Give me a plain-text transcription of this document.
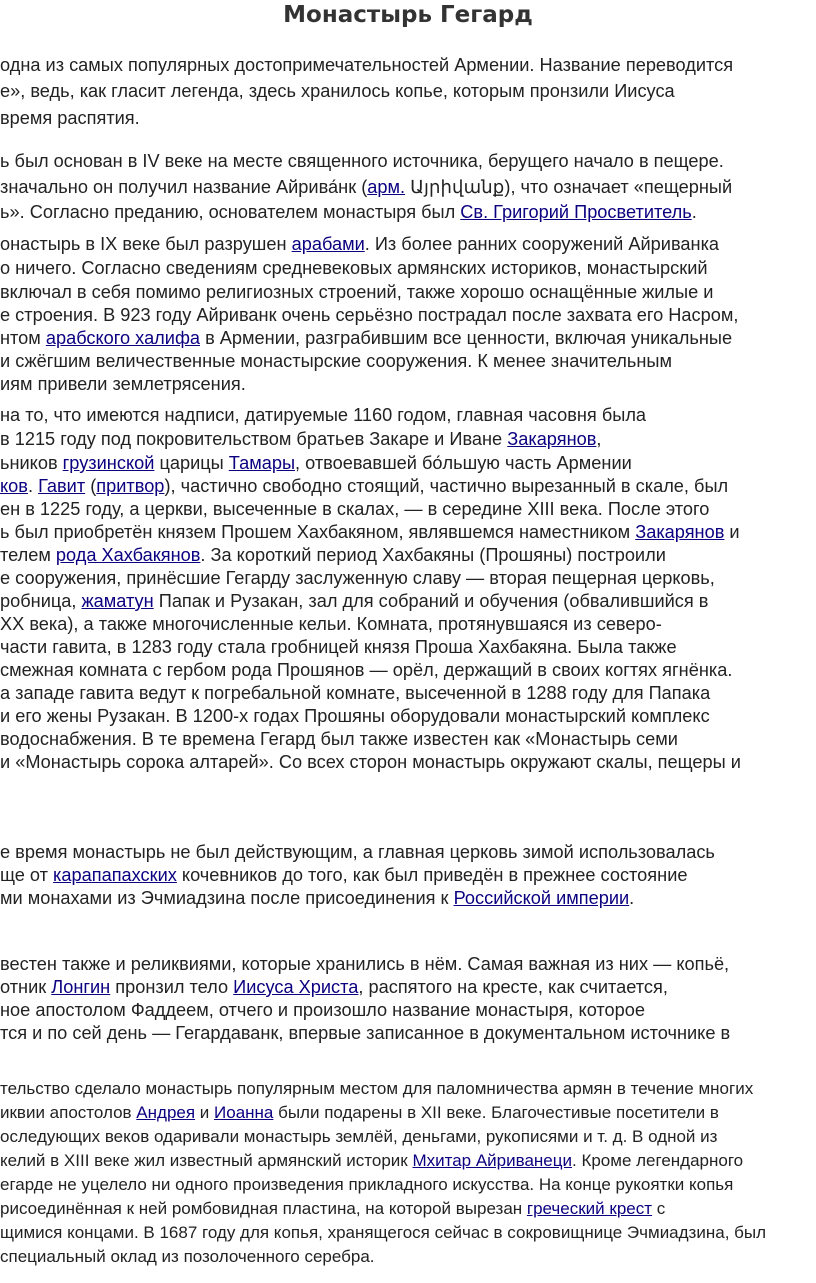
Монастырь Гегард

одна из самых популярных достопримечательностей Армении. Название переводится

е», ведь, как гласит легенда, здесь хранилось копье, которым пронзили Иисуса

время распятия.

ь был основан в IV веке на месте священного источника, берущего начало в пещере.

значально он получил название Айрива́нк (арм. Այրիվանք), что означает «пещерный

ь». Согласно преданию, основателем монастыря был Св. Григорий Просветитель.

онастырь в IX веке был разрушен арабами. Из более ранних сооружений Айриванка

о ничего. Согласно сведениям средневековых армянских историков, монастырский

включал в себя помимо религиозных строений, также хорошо оснащённые жилые и

е строения. В 923 году Айриванк очень серьёзно пострадал после захвата его Насром,

нтом арабского халифа в Армении, разграбившим все ценности, включая уникальные

и сжёгшим величественные монастырские сооружения. К менее значительным

иям привели землетрясения.

на то, что имеются надписи, датируемые 1160 годом, главная часовня была

в 1215 году под покровительством братьев Закаре и Иване Закарянов,

ьников грузинской царицы Тамары, отвоевавшей бо́льшую часть Армении

ков. Гавит (притвор), частично свободно стоящий, частично вырезанный в скале, был

ен в 1225 году, а церкви, высеченные в скалах, — в середине XIII века. После этого

ь был приобретён князем Прошем Хахбакяном, являвшемся наместником Закарянов и

телем рода Хахбакянов. За короткий период Хахбакяны (Прошяны) построили

е сооружения, принёсшие Гегарду заслуженную славу — вторая пещерная церковь,

робница, жаматун Папак и Рузакан, зал для собраний и обучения (обвалившийся в

XX века), а также многочисленные кельи. Комната, протянувшаяся из северо-

части гавита, в 1283 году стала гробницей князя Проша Хахбакяна. Была также

смежная комната с гербом рода Прошянов — орёл, держащий в своих когтях ягнёнка.

а западе гавита ведут к погребальной комнате, высеченной в 1288 году для Папака

и его жены Рузакан. В 1200-х годах Прошяны оборудовали монастырский комплекс

водоснабжения. В те времена Гегард был также известен как «Монастырь семи

и «Монастырь сорока алтарей». Со всех сторон монастырь окружают скалы, пещеры и

е время монастырь не был действующим, а главная церковь зимой использовалась

ще от карапапахских кочевников до того, как был приведён в прежнее состояние

ми монахами из Эчмиадзина после присоединения к Российской империи.

вестен также и реликвиями, которые хранились в нём. Самая важная из них — копьё,

отник Лонгин пронзил тело Иисуса Христа, распятого на кресте, как считается,

ное апостолом Фаддеем, отчего и произошло название монастыря, которое

тся и по сей день — Гегардаванк, впервые записанное в документальном источнике в

тельство сделало монастырь популярным местом для паломничества армян в течение многих

иквии апостолов Андрея и Иоанна были подарены в XII веке. Благочестивые посетители в

оследующих веков одаривали монастырь землёй, деньгами, рукописями и т. д. В одной из

келий в XIII веке жил известный армянский историк Мхитар Айриванеци. Кроме легендарного

егарде не уцелело ни одного произведения прикладного искусства. На конце рукоятки копья

рисоединённая к ней ромбовидная пластина, на которой вырезан греческий крест с

щимися концами. В 1687 году для копья, хранящегося сейчас в сокровищнице Эчмиадзина, был

специальный оклад из позолоченного серебра.
